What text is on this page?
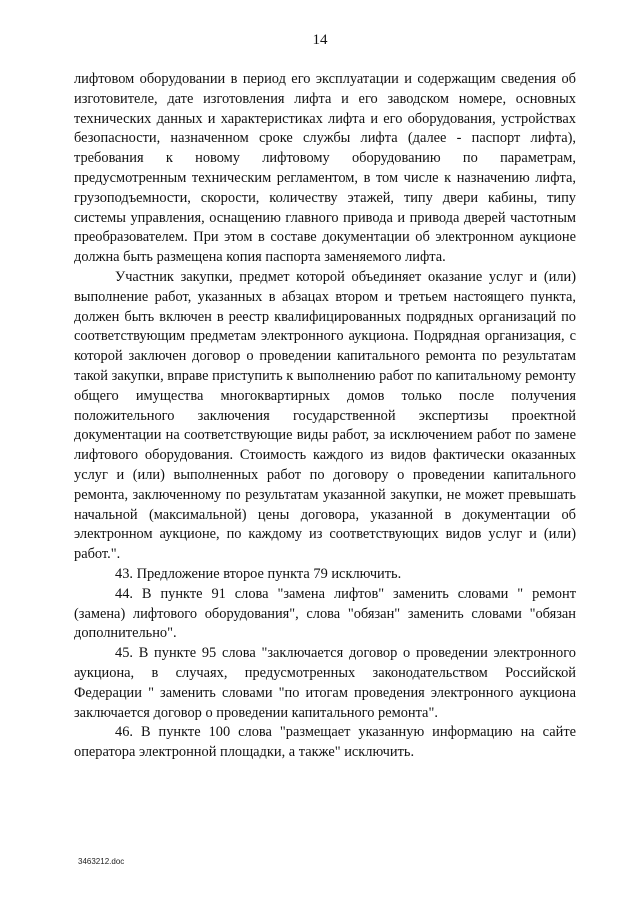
14

лифтовом оборудовании в период его эксплуатации и содержащим сведения об изготовителе, дате изготовления лифта и его заводском номере, основных технических данных и характеристиках лифта и его оборудования, устройствах безопасности, назначенном сроке службы лифта (далее - паспорт лифта), требования к новому лифтовому оборудованию по параметрам, предусмотренным техническим регламентом, в том числе к назначению лифта, грузоподъемности, скорости, количеству этажей, типу двери кабины, типу системы управления, оснащению главного привода и привода дверей частотным преобразователем. При этом в составе документации об электронном аукционе должна быть размещена копия паспорта заменяемого лифта.

Участник закупки, предмет которой объединяет оказание услуг и (или) выполнение работ, указанных в абзацах втором и третьем настоящего пункта, должен быть включен в реестр квалифицированных подрядных организаций по соответствующим предметам электронного аукциона. Подрядная организация, с которой заключен договор о проведении капитального ремонта по результатам такой закупки, вправе приступить к выполнению работ по капитальному ремонту общего имущества многоквартирных домов только после получения положительного заключения государственной экспертизы проектной документации на соответствующие виды работ, за исключением работ по замене лифтового оборудования. Стоимость каждого из видов фактически оказанных услуг и (или) выполненных работ по договору о проведении капитального ремонта, заключенному по результатам указанной закупки, не может превышать начальной (максимальной) цены договора, указанной в документации об электронном аукционе, по каждому из соответствующих видов услуг и (или) работ.".

43. Предложение второе пункта 79 исключить.

44. В пункте 91 слова "замена лифтов" заменить словами " ремонт (замена) лифтового оборудования", слова "обязан" заменить словами "обязан дополнительно".

45. В пункте 95 слова "заключается договор о проведении электронного аукциона, в случаях, предусмотренных законодательством Российской Федерации " заменить словами "по итогам проведения электронного аукциона заключается договор о проведении капитального ремонта".

46. В пункте 100 слова "размещает указанную информацию на сайте оператора электронной площадки, а также" исключить.

3463212.doc
